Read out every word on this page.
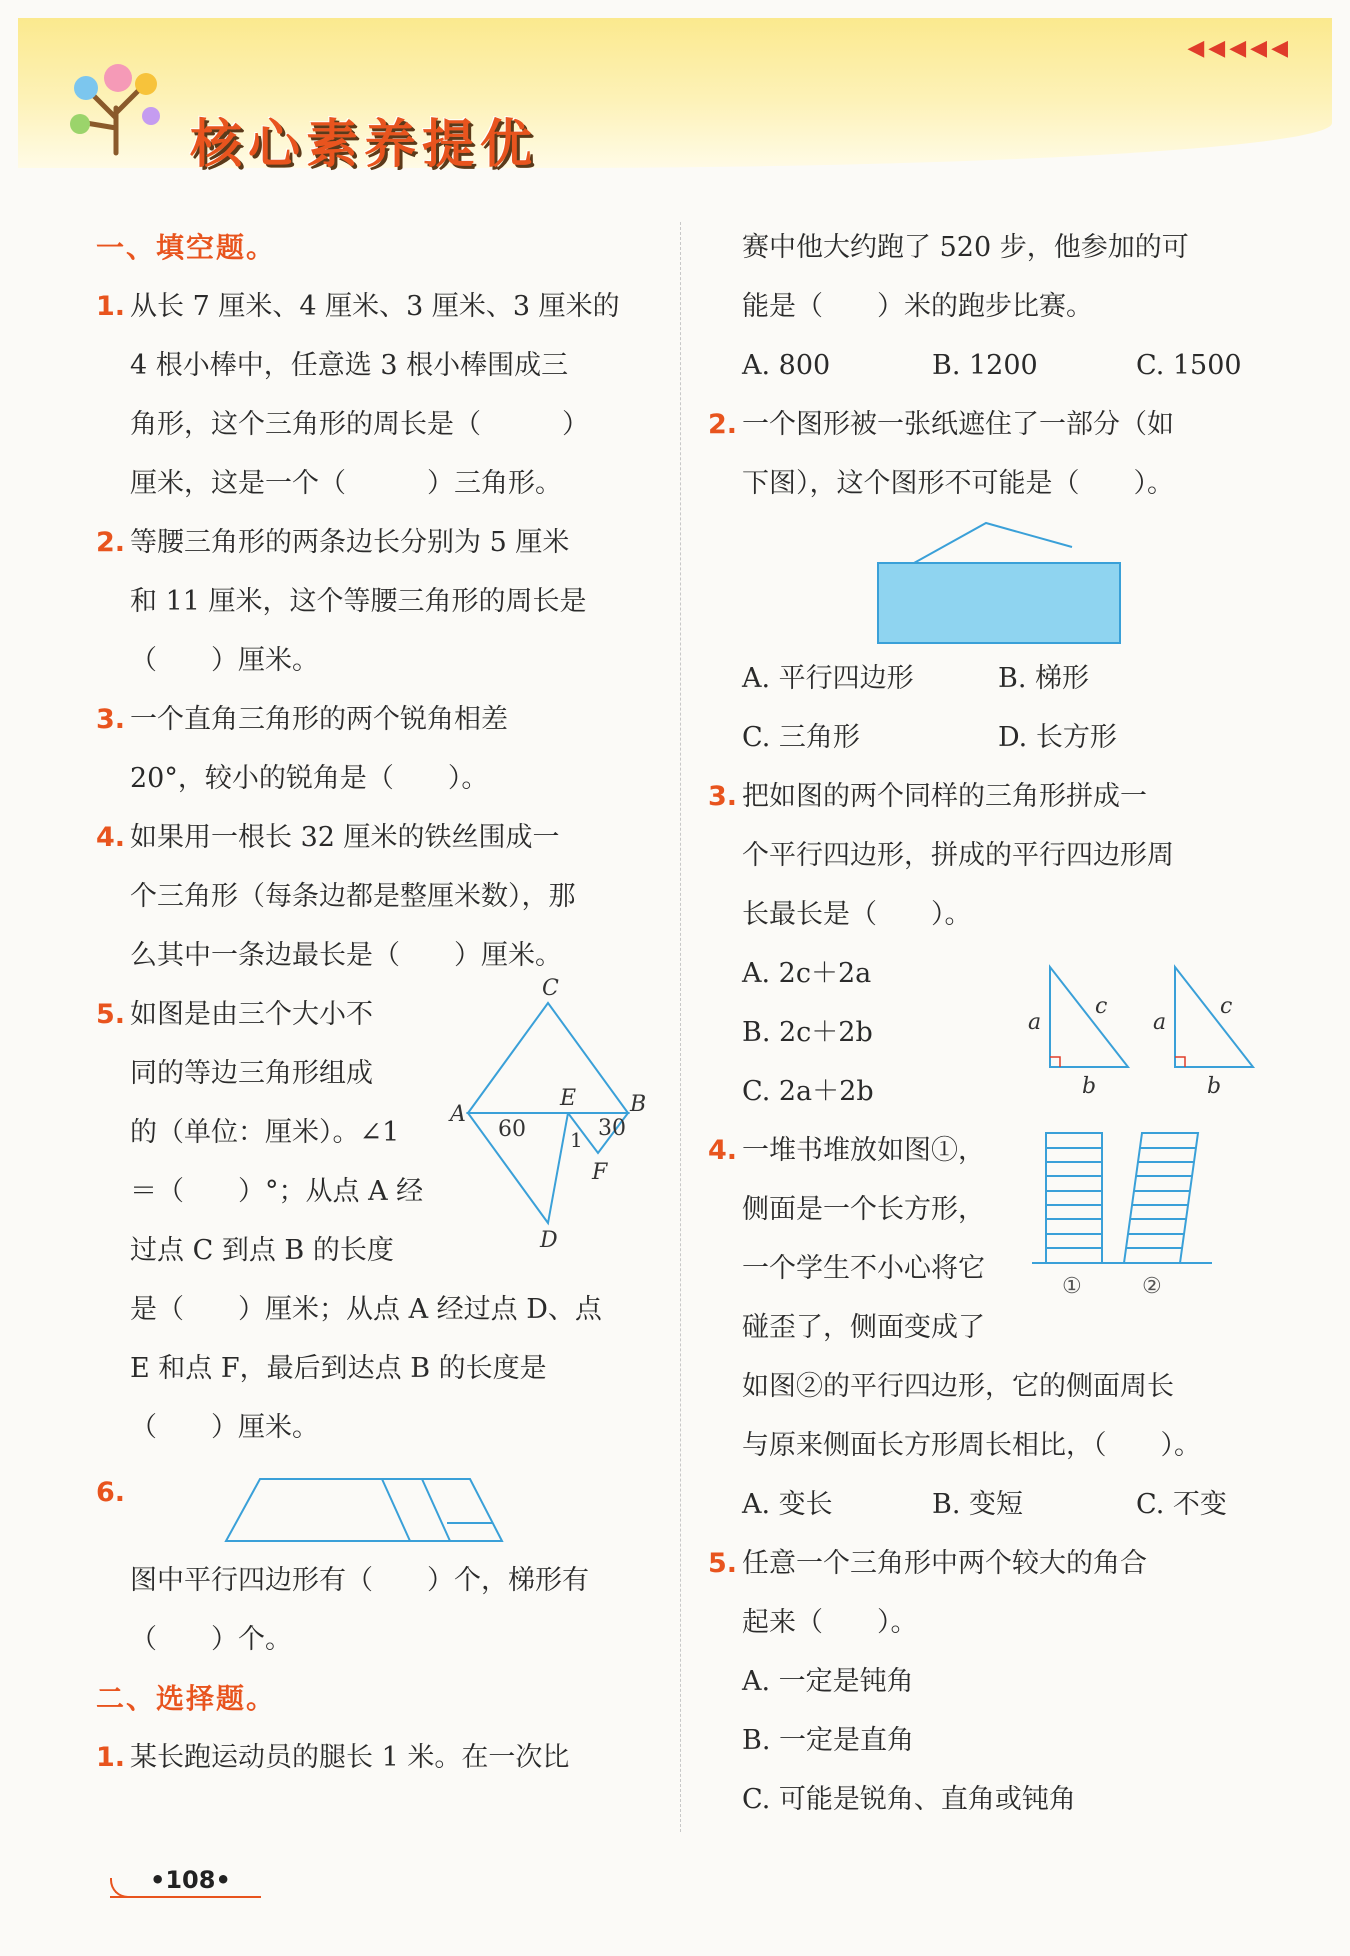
核心素养提优
◀◀◀◀◀
一、填空题。
1. 从长 7 厘米、4 厘米、3 厘米、3 厘米的
4 根小棒中，任意选 3 根小棒围成三
角形，这个三角形的周长是（　　　）
厘米，这是一个（　　　）三角形。
2. 等腰三角形的两条边长分别为 5 厘米
和 11 厘米，这个等腰三角形的周长是
（　　）厘米。
3. 一个直角三角形的两个锐角相差
20°，较小的锐角是（　　）。
4. 如果用一根长 32 厘米的铁丝围成一
个三角形（每条边都是整厘米数），那
么其中一条边最长是（　　）厘米。
5. 如图是由三个大小不
同的等边三角形组成
的（单位：厘米）。∠1
＝（　　）°；从点 A 经
过点 C 到点 B 的长度
是（　　）厘米；从点 A 经过点 D、点
E 和点 F，最后到达点 B 的长度是
（　　）厘米。
C
A
E B
D
F
60	30
1
6.
图中平行四边形有（　　）个，梯形有
（　　）个。
二、选择题。
1. 某长跑运动员的腿长 1 米。在一次比
赛中他大约跑了 520 步，他参加的可
能是（　　）米的跑步比赛。
A. 800	B. 1200	C. 1500
2. 一个图形被一张纸遮住了一部分（如
下图），这个图形不可能是（　　）。
A. 平行四边形	B. 梯形
C. 三角形	D. 长方形
3. 把如图的两个同样的三角形拼成一
个平行四边形，拼成的平行四边形周
长最长是（　　）。
A. 2c＋2a
B. 2c＋2b
C. 2a＋2b
a
c
b
a
c
b
4. 一堆书堆放如图①，
侧面是一个长方形，
一个学生不小心将它
碰歪了，侧面变成了
如图②的平行四边形，它的侧面周长
与原来侧面长方形周长相比，（　　）。
A. 变长	B. 变短	C. 不变
①	②
5. 任意一个三角形中两个较大的角合
起来（　　）。
A. 一定是钝角
B. 一定是直角
C. 可能是锐角、直角或钝角
•108•
